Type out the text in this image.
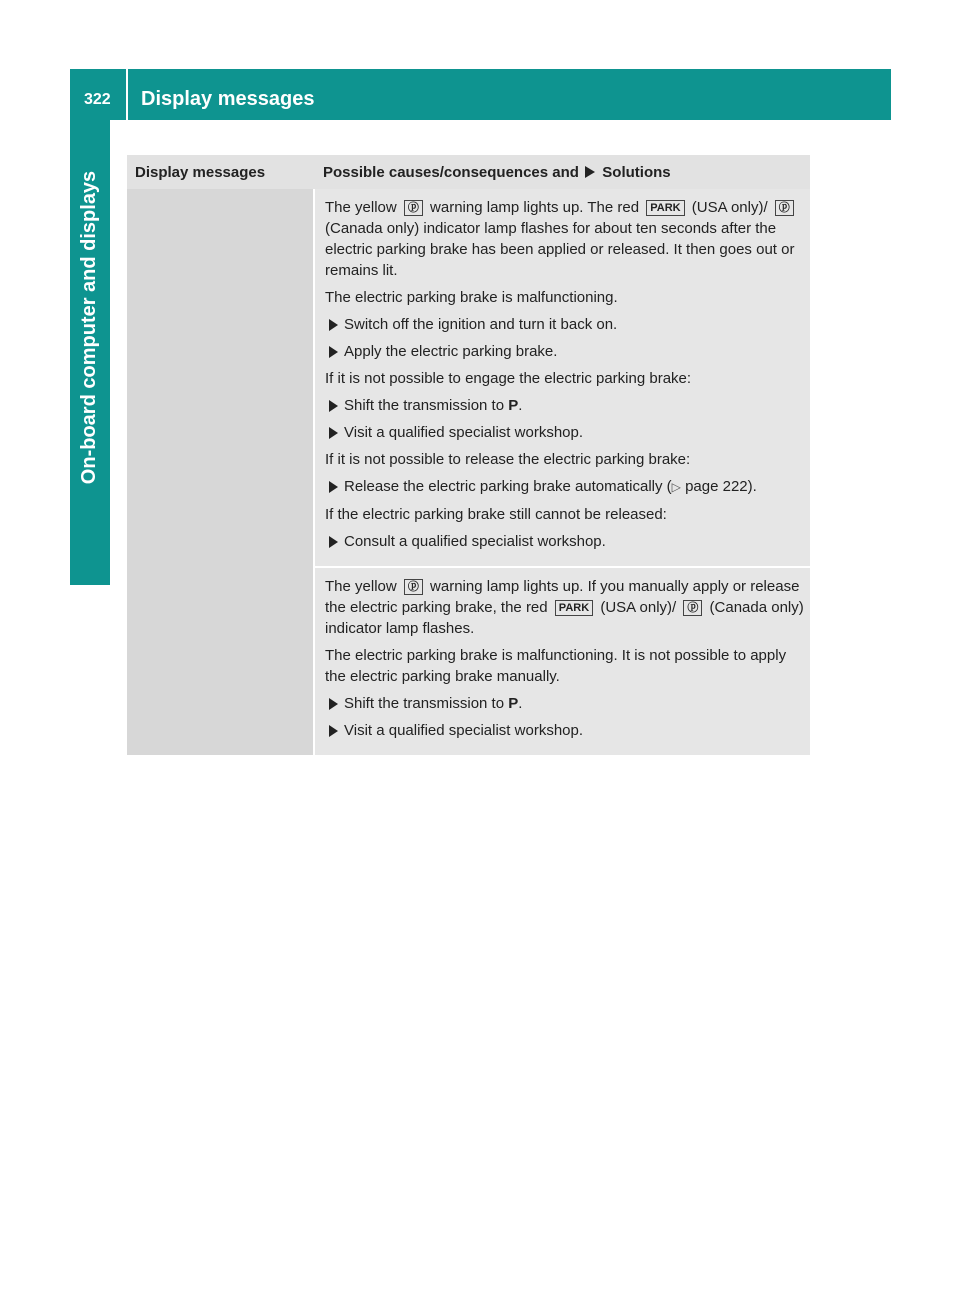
322 Display messages
On-board computer and displays	Display messages	Possible causes/consequences and Solutions

The yellow ⓟ warning lamp lights up. The red PARK (USA only)/ ⓟ (Canada only) indicator lamp flashes for about ten seconds after the electric parking brake has been applied or released. It then goes out or remains lit.

The electric parking brake is malfunctioning.

Switch off the ignition and turn it back on.
Apply the electric parking brake.

If it is not possible to engage the electric parking brake:

Shift the transmission to P.
Visit a qualified specialist workshop.

If it is not possible to release the electric parking brake:

Release the electric parking brake automatically (▷ page 222).

If the electric parking brake still cannot be released:

Consult a qualified specialist workshop.

The yellow ⓟ warning lamp lights up. If you manually apply or release the electric parking brake, the red PARK (USA only)/ ⓟ (Canada only) indicator lamp flashes.

The electric parking brake is malfunctioning. It is not possible to apply the electric parking brake manually.

Shift the transmission to P.
Visit a qualified specialist workshop.
